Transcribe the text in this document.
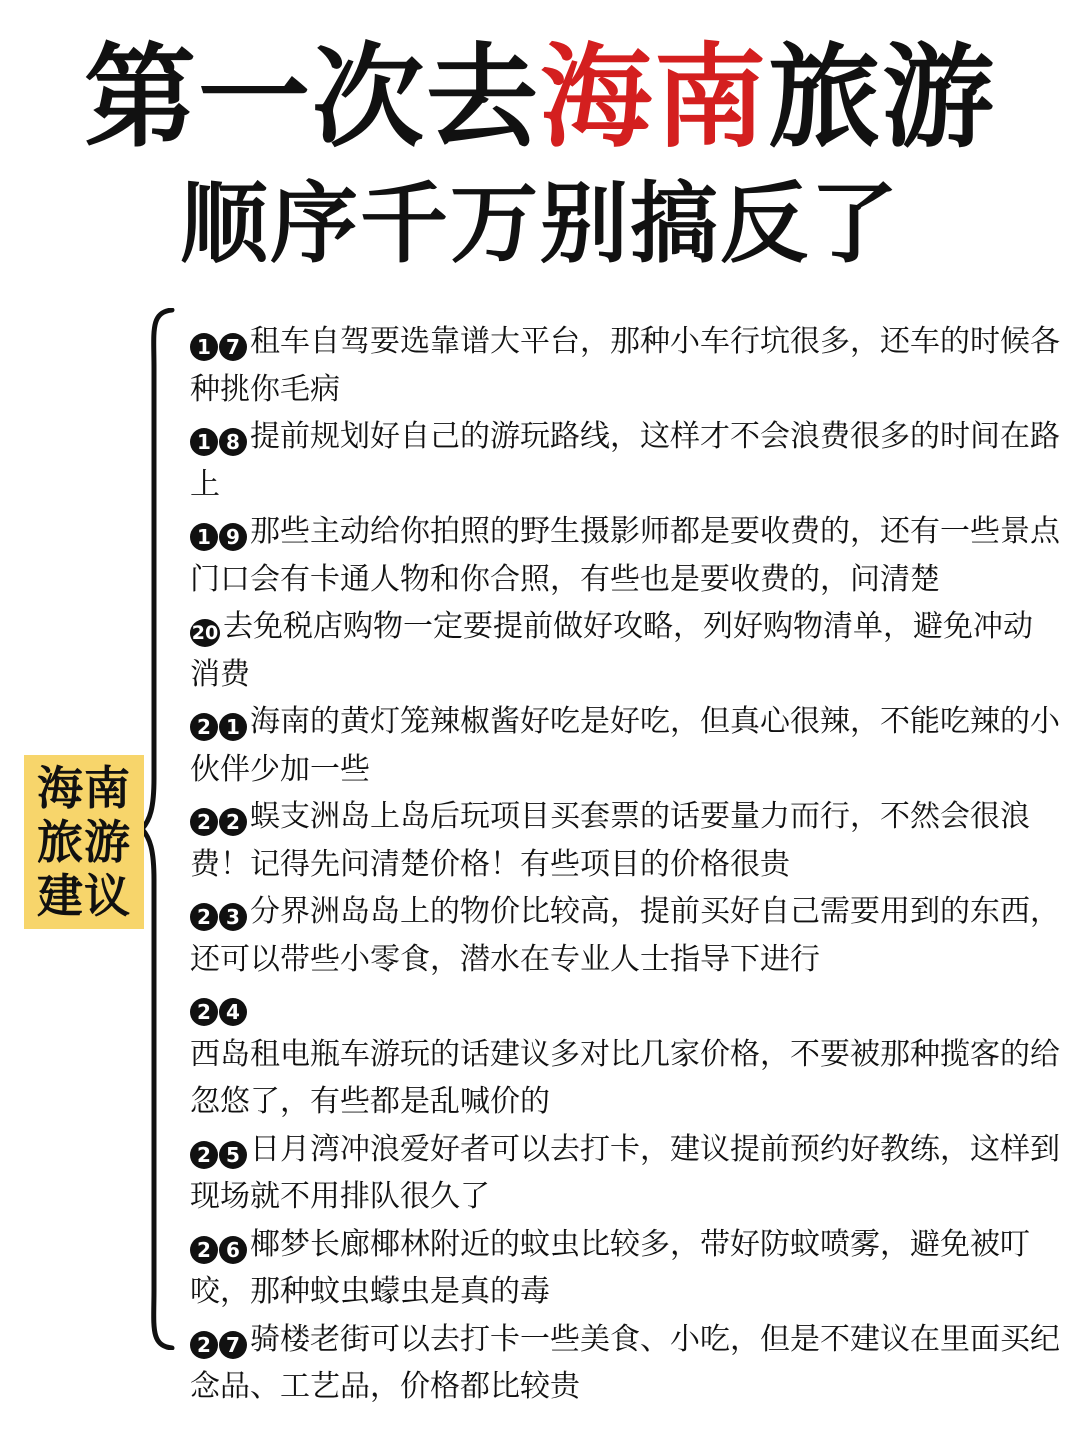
第一次去海南旅游
顺序千万别搞反了
海南
旅游
建议
1 7 租车自驾要选靠谱大平台，那种小车行坑很多，还车的时候各种挑你毛病
1 8 提前规划好自己的游玩路线，这样才不会浪费很多的时间在路上
1 9 那些主动给你拍照的野生摄影师都是要收费的，还有一些景点门口会有卡通人物和你合照，有些也是要收费的，问清楚
20 去免税店购物一定要提前做好攻略，列好购物清单，避免冲动消费
2 1 海南的黄灯笼辣椒酱好吃是好吃，但真心很辣，不能吃辣的小伙伴少加一些
2 2 蜈支洲岛上岛后玩项目买套票的话要量力而行，不然会很浪费！记得先问清楚价格！有些项目的价格很贵
2 3 分界洲岛岛上的物价比较高，提前买好自己需要用到的东西，还可以带些小零食，潜水在专业人士指导下进行
2 4
西岛租电瓶车游玩的话建议多对比几家价格，不要被那种揽客的给忽悠了，有些都是乱喊价的
2 5 日月湾冲浪爱好者可以去打卡，建议提前预约好教练，这样到现场就不用排队很久了
2 6 椰梦长廊椰林附近的蚊虫比较多，带好防蚊喷雾，避免被叮咬，那种蚊虫蠓虫是真的毒
2 7 骑楼老街可以去打卡一些美食、小吃，但是不建议在里面买纪念品、工艺品，价格都比较贵
